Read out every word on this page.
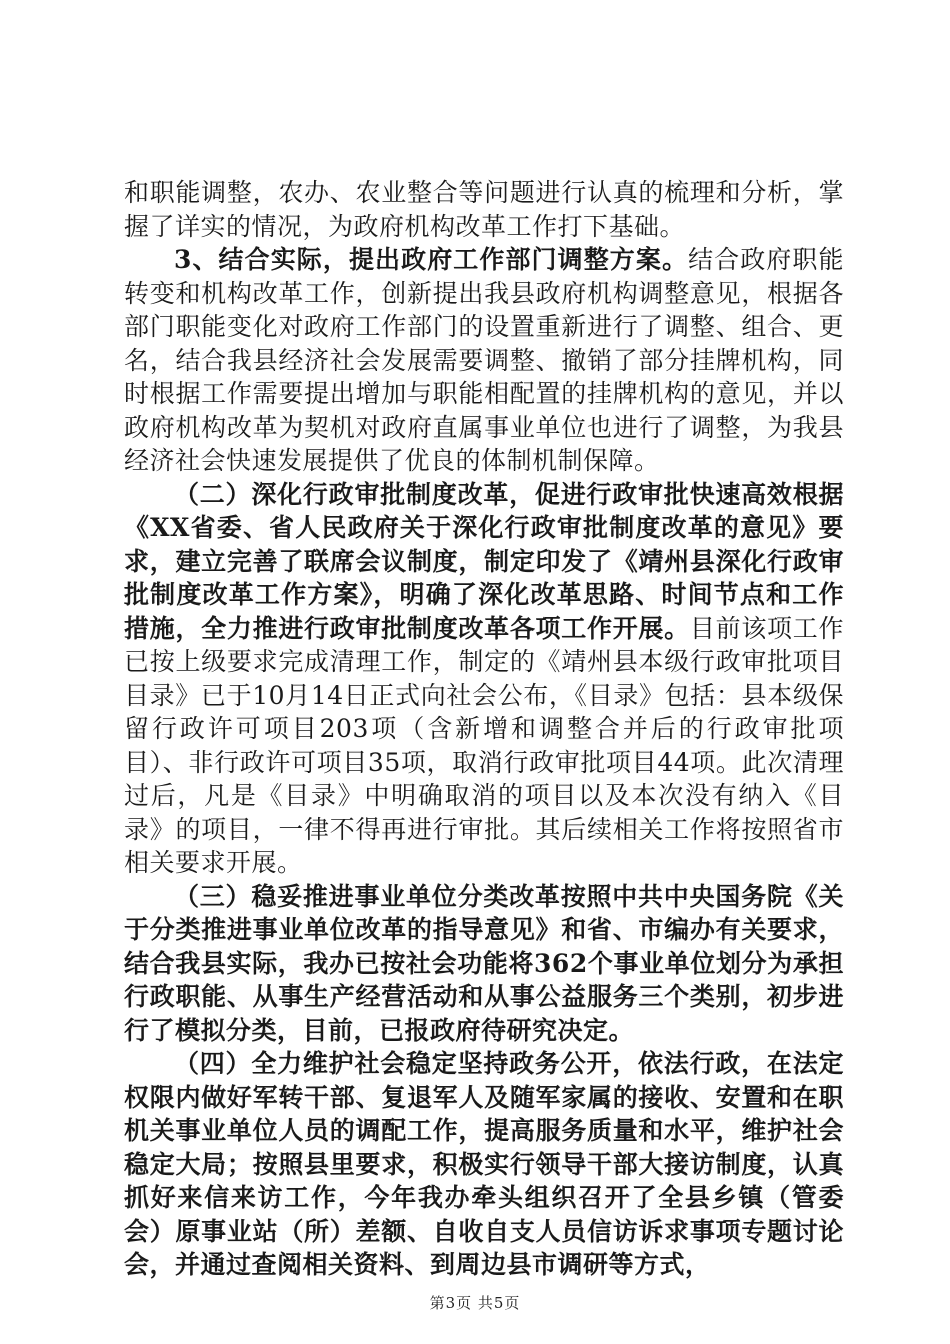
和职能调整，农办、农业整合等问题进行认真的梳理和分析，掌握了详实的情况，为政府机构改革工作打下基础。

3、结合实际，提出政府工作部门调整方案。结合政府职能转变和机构改革工作，创新提出我县政府机构调整意见，根据各部门职能变化对政府工作部门的设置重新进行了调整、组合、更名，结合我县经济社会发展需要调整、撤销了部分挂牌机构，同时根据工作需要提出增加与职能相配置的挂牌机构的意见，并以政府机构改革为契机对政府直属事业单位也进行了调整，为我县经济社会快速发展提供了优良的体制机制保障。

（二）深化行政审批制度改革，促进行政审批快速高效根据《XX省委、省人民政府关于深化行政审批制度改革的意见》要求，建立完善了联席会议制度，制定印发了《靖州县深化行政审批制度改革工作方案》，明确了深化改革思路、时间节点和工作措施，全力推进行政审批制度改革各项工作开展。目前该项工作已按上级要求完成清理工作，制定的《靖州县本级行政审批项目目录》已于10月14日正式向社会公布，《目录》包括：县本级保留行政许可项目203项（含新增和调整合并后的行政审批项目）、非行政许可项目35项，取消行政审批项目44项。此次清理过后，凡是《目录》中明确取消的项目以及本次没有纳入《目录》的项目，一律不得再进行审批。其后续相关工作将按照省市相关要求开展。

（三）稳妥推进事业单位分类改革按照中共中央国务院《关于分类推进事业单位改革的指导意见》和省、市编办有关要求，结合我县实际，我办已按社会功能将362个事业单位划分为承担行政职能、从事生产经营活动和从事公益服务三个类别，初步进行了模拟分类，目前，已报政府待研究决定。

（四）全力维护社会稳定坚持政务公开，依法行政，在法定权限内做好军转干部、复退军人及随军家属的接收、安置和在职机关事业单位人员的调配工作，提高服务质量和水平，维护社会稳定大局；按照县里要求，积极实行领导干部大接访制度，认真抓好来信来访工作，今年我办牵头组织召开了全县乡镇（管委会）原事业站（所）差额、自收自支人员信访诉求事项专题讨论会，并通过查阅相关资料、到周边县市调研等方式，

第3页 共5页
